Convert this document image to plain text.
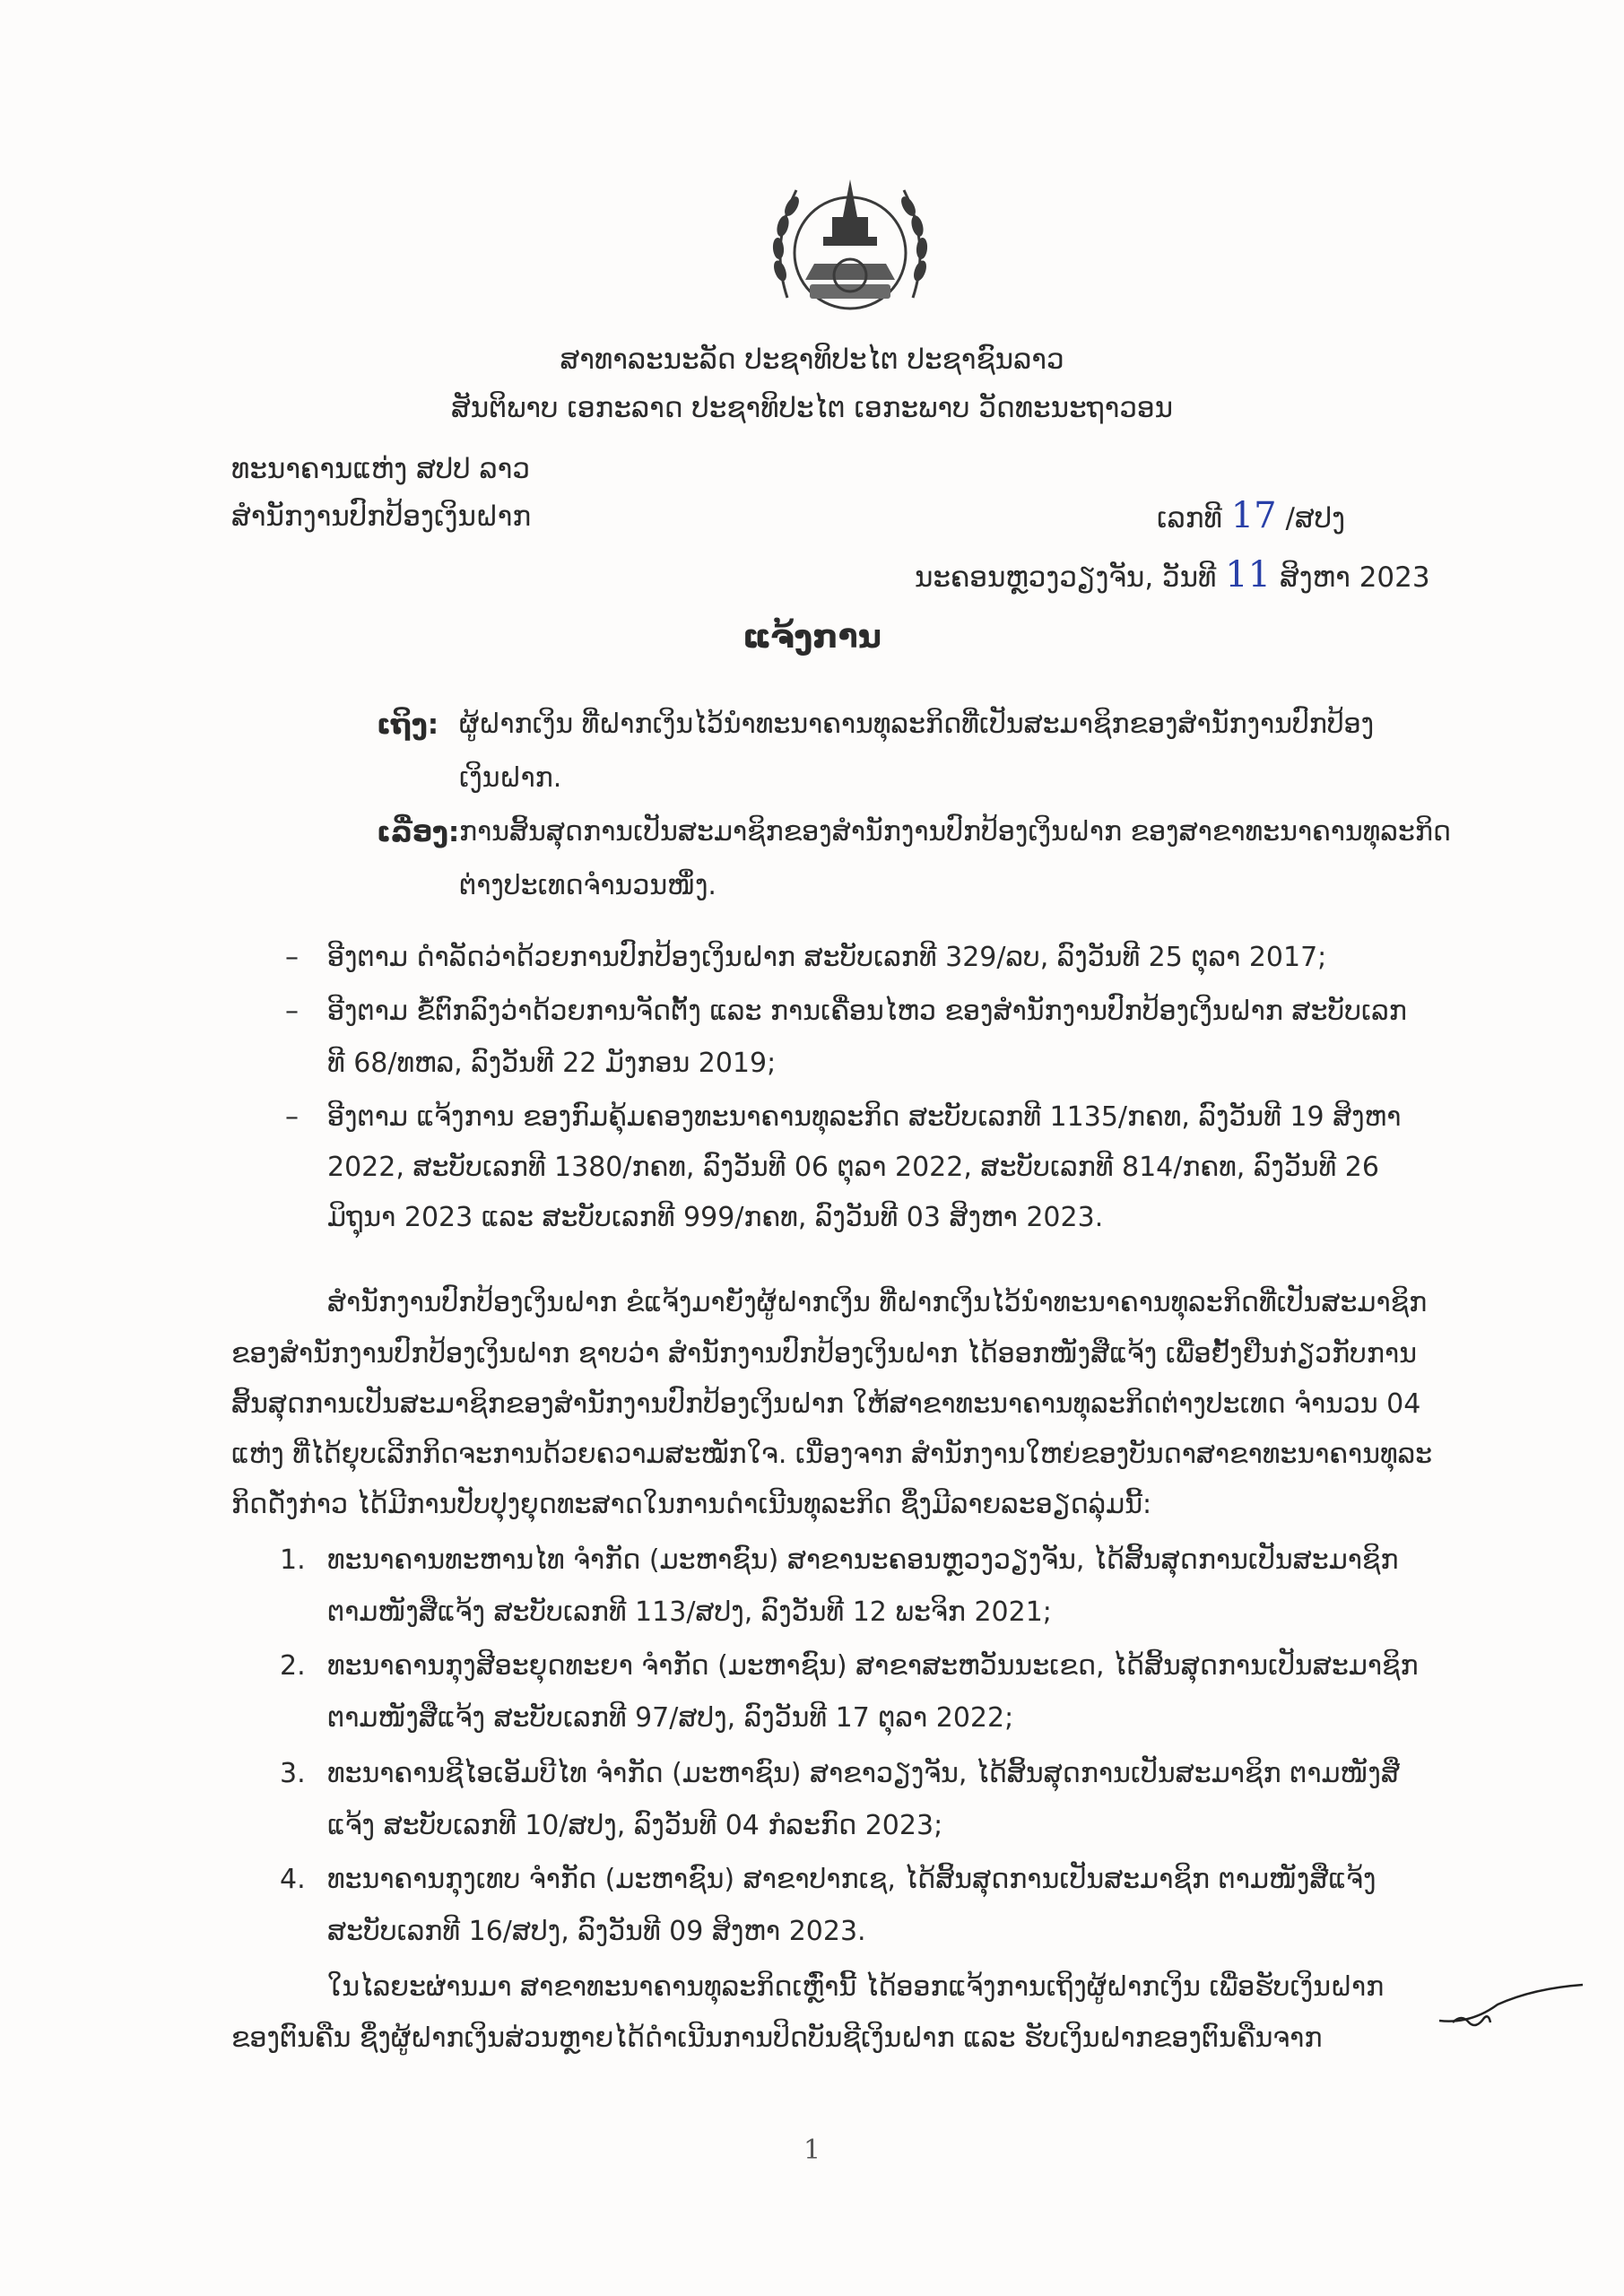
ສາທາລະນະລັດ ປະຊາທິປະໄຕ ປະຊາຊົນລາວ
ສັນຕິພາບ ເອກະລາດ ປະຊາທິປະໄຕ ເອກະພາບ ວັດທະນະຖາວອນ
ທະນາຄານແຫ່ງ ສປປ ລາວ
ສຳນັກງານປົກປ້ອງເງິນຝາກ	ເລກທີ 17 /ສປງ
ນະຄອນຫຼວງວຽງຈັນ, ວັນທີ 11 ສິງຫາ 2023
ແຈ້ງການ
ເຖິງ: ຜູ້ຝາກເງິນ ທີ່ຝາກເງິນໄວ້ນຳທະນາຄານທຸລະກິດທີ່ເປັນສະມາຊິກຂອງສຳນັກງານປົກປ້ອງ
ເງິນຝາກ.
ເລື່ອງ: ການສິ້ນສຸດການເປັນສະມາຊິກຂອງສຳນັກງານປົກປ້ອງເງິນຝາກ ຂອງສາຂາທະນາຄານທຸລະກິດ
ຕ່າງປະເທດຈຳນວນໜຶ່ງ.
– ອີງຕາມ ດຳລັດວ່າດ້ວຍການປົກປ້ອງເງິນຝາກ ສະບັບເລກທີ 329/ລບ, ລົງວັນທີ 25 ຕຸລາ 2017;
– ອີງຕາມ ຂໍ້ຕົກລົງວ່າດ້ວຍການຈັດຕັ້ງ ແລະ ການເຄື່ອນໄຫວ ຂອງສຳນັກງານປົກປ້ອງເງິນຝາກ ສະບັບເລກ
ທີ 68/ທຫລ, ລົງວັນທີ 22 ມັງກອນ 2019;
– ອີງຕາມ ແຈ້ງການ ຂອງກົມຄຸ້ມຄອງທະນາຄານທຸລະກິດ ສະບັບເລກທີ 1135/ກຄທ, ລົງວັນທີ 19 ສິງຫາ
2022, ສະບັບເລກທີ 1380/ກຄທ, ລົງວັນທີ 06 ຕຸລາ 2022, ສະບັບເລກທີ 814/ກຄທ, ລົງວັນທີ 26
ມິຖຸນາ 2023 ແລະ ສະບັບເລກທີ 999/ກຄທ, ລົງວັນທີ 03 ສິງຫາ 2023.
ສຳນັກງານປົກປ້ອງເງິນຝາກ ຂໍແຈ້ງມາຍັງຜູ້ຝາກເງິນ ທີ່ຝາກເງິນໄວ້ນຳທະນາຄານທຸລະກິດທີ່ເປັນສະມາຊິກ
ຂອງສຳນັກງານປົກປ້ອງເງິນຝາກ ຊາບວ່າ ສຳນັກງານປົກປ້ອງເງິນຝາກ ໄດ້ອອກໜັງສືແຈ້ງ ເພື່ອຢັ້ງຢືນກ່ຽວກັບການ
ສິ້ນສຸດການເປັນສະມາຊິກຂອງສຳນັກງານປົກປ້ອງເງິນຝາກ ໃຫ້ສາຂາທະນາຄານທຸລະກິດຕ່າງປະເທດ ຈຳນວນ 04
ແຫ່ງ ທີ່ໄດ້ຍຸບເລີກກິດຈະການດ້ວຍຄວາມສະໝັກໃຈ. ເນື່ອງຈາກ ສຳນັກງານໃຫຍ່ຂອງບັນດາສາຂາທະນາຄານທຸລະ
ກິດດັ່ງກ່າວ ໄດ້ມີການປັບປຸງຍຸດທະສາດໃນການດຳເນີນທຸລະກິດ ຊຶ່ງມີລາຍລະອຽດລຸ່ມນີ້:
1. ທະນາຄານທະຫານໄທ ຈຳກັດ (ມະຫາຊົນ) ສາຂານະຄອນຫຼວງວຽງຈັນ, ໄດ້ສິ້ນສຸດການເປັນສະມາຊິກ
ຕາມໜັງສືແຈ້ງ ສະບັບເລກທີ 113/ສປງ, ລົງວັນທີ 12 ພະຈິກ 2021;
2. ທະນາຄານກຸງສີອະຍຸດທະຍາ ຈຳກັດ (ມະຫາຊົນ) ສາຂາສະຫວັນນະເຂດ, ໄດ້ສິ້ນສຸດການເປັນສະມາຊິກ
ຕາມໜັງສືແຈ້ງ ສະບັບເລກທີ 97/ສປງ, ລົງວັນທີ 17 ຕຸລາ 2022;
3. ທະນາຄານຊີໄອເອັມບີໄທ ຈຳກັດ (ມະຫາຊົນ) ສາຂາວຽງຈັນ, ໄດ້ສິ້ນສຸດການເປັນສະມາຊິກ ຕາມໜັງສື
ແຈ້ງ ສະບັບເລກທີ 10/ສປງ, ລົງວັນທີ 04 ກໍລະກົດ 2023;
4. ທະນາຄານກຸງເທບ ຈຳກັດ (ມະຫາຊົນ) ສາຂາປາກເຊ, ໄດ້ສິ້ນສຸດການເປັນສະມາຊິກ ຕາມໜັງສືແຈ້ງ
ສະບັບເລກທີ 16/ສປງ, ລົງວັນທີ 09 ສິງຫາ 2023.
ໃນໄລຍະຜ່ານມາ ສາຂາທະນາຄານທຸລະກິດເຫຼົ່ານີ້ ໄດ້ອອກແຈ້ງການເຖິງຜູ້ຝາກເງິນ ເພື່ອຮັບເງິນຝາກ
ຂອງຕົນຄືນ ຊຶ່ງຜູ້ຝາກເງິນສ່ວນຫຼາຍໄດ້ດຳເນີນການປິດບັນຊີເງິນຝາກ ແລະ ຮັບເງິນຝາກຂອງຕົນຄືນຈາກ
1
